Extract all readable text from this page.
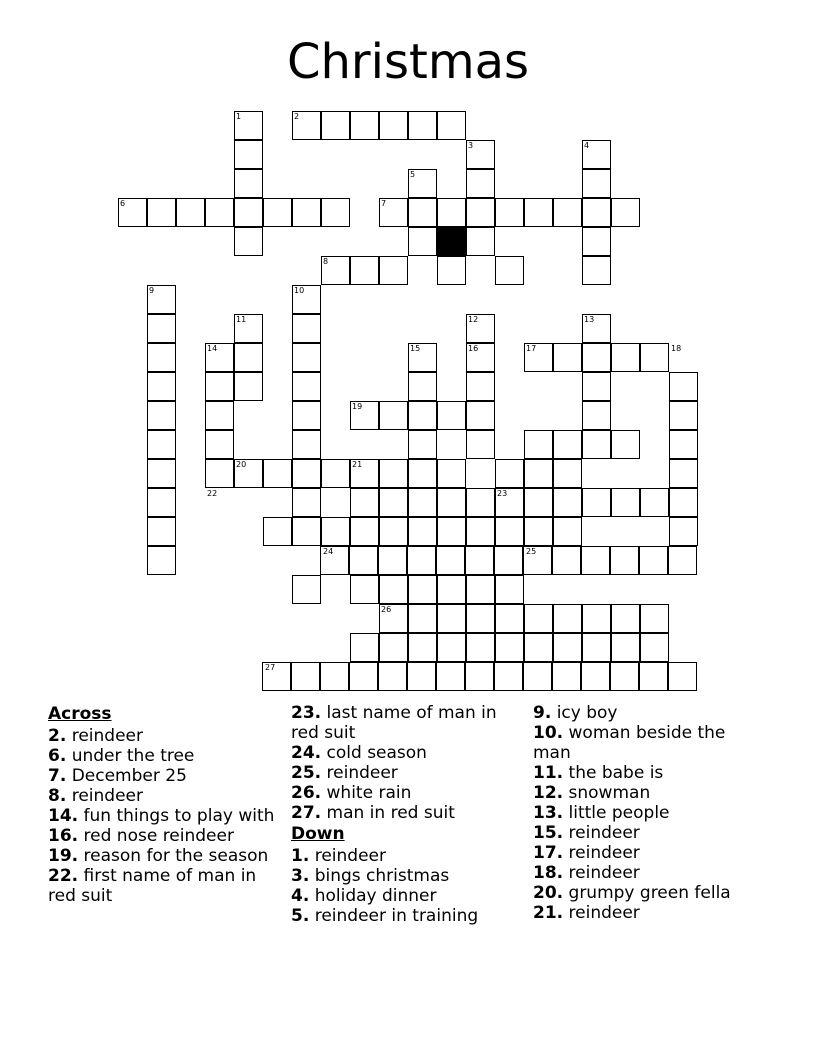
Christmas
1	2
3	4
5
6	7
8
9	10
11	12	13
14	15	16	17	18
19
20	21
22	23
24	25
26
27
Across
2. reindeer
6. under the tree
7. December 25
8. reindeer
14. fun things to play with
16. red nose reindeer
19. reason for the season
22. first name of man in red suit
23. last name of man in red suit
24. cold season
25. reindeer
26. white rain
27. man in red suit
Down
1. reindeer
3. bings christmas
4. holiday dinner
5. reindeer in training
9. icy boy
10. woman beside the man
11. the babe is
12. snowman
13. little people
15. reindeer
17. reindeer
18. reindeer
20. grumpy green fella
21. reindeer
